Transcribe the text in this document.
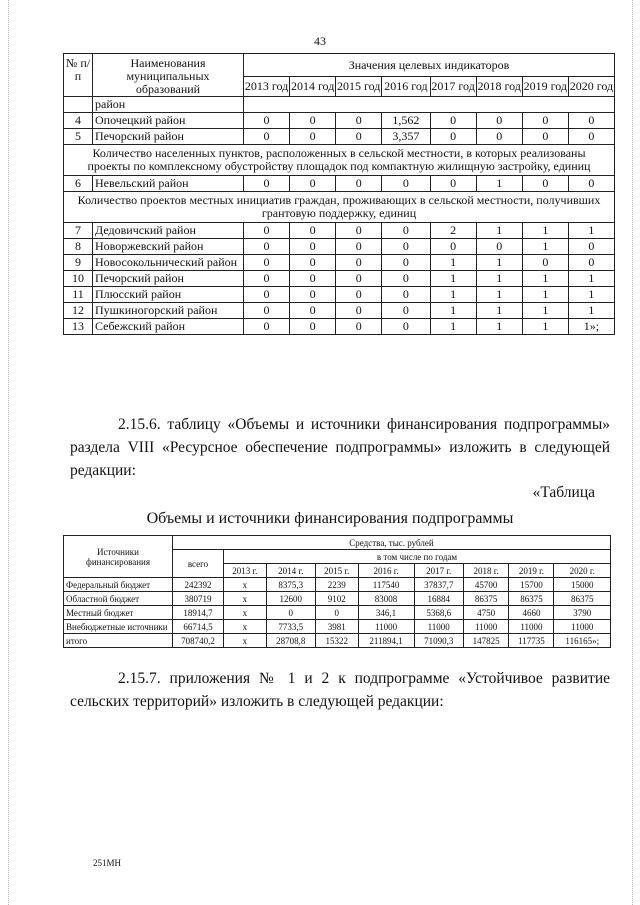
43
№ п/п	Наименования муниципальных образований	Значения целевых индикаторов							
		2013 год	2014 год	2015 год	2016 год	2017 год	2018 год	2019 год	2020 год
	район								
4	Опочецкий район	0	0	0	1,562	0	0	0	0
5	Печорский район	0	0	0	3,357	0	0	0	0
Количество населенных пунктов, расположенных в сельской местности, в которых реализованы проекты по комплексному обустройству площадок под компактную жилищную застройку, единиц									
6	Невельский район	0	0	0	0	0	1	0	0
Количество проектов местных инициатив граждан, проживающих в сельской местности, получивших грантовую поддержку, единиц									
7	Дедовичский район	0	0	0	0	2	1	1	1
8	Новоржевский район	0	0	0	0	0	0	1	0
9	Новосокольнический район	0	0	0	0	1	1	0	0
10	Печорский район	0	0	0	0	1	1	1	1
11	Плюсский район	0	0	0	0	1	1	1	1
12	Пушкиногорский район	0	0	0	0	1	1	1	1
13	Себежский район	0	0	0	0	1	1	1	1»;
2.15.6. таблицу «Объемы и источники финансирования подпрограммы» раздела VIII «Ресурсное обеспечение подпрограммы» изложить в следующей редакции:
«Таблица
Объемы и источники финансирования подпрограммы
Источники финансирования	Средства, тыс. рублей								
	всего	в том числе по годам							
		2013 г.	2014 г.	2015 г.	2016 г.	2017 г.	2018 г.	2019 г.	2020 г.
Федеральный бюджет	242392	х	8375,3	2239	117540	37837,7	45700	15700	15000
Областной бюджет	380719	х	12600	9102	83008	16884	86375	86375	86375
Местный бюджет	18914,7	х	0	0	346,1	5368,6	4750	4660	3790
Внебюджетные источники	66714,5	х	7733,5	3981	11000	11000	11000	11000	11000
итого	708740,2	х	28708,8	15322	211894,1	71090,3	147825	117735	116165»;
2.15.7. приложения № 1 и 2 к подпрограмме «Устойчивое развитие сельских территорий» изложить в следующей редакции:
251МН
